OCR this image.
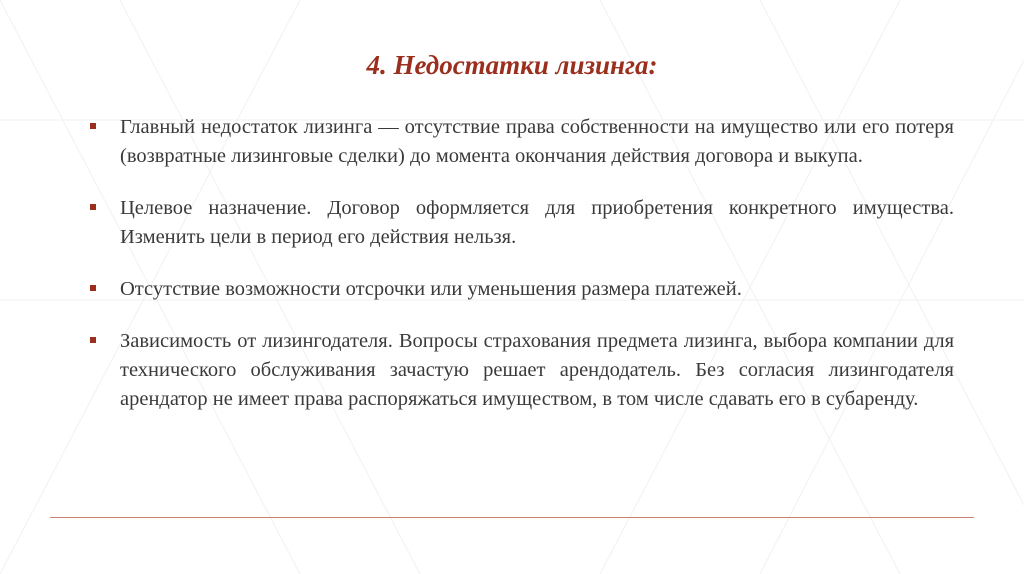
4. Недостатки лизинга:
Главный недостаток лизинга — отсутствие права собственности на имущество или его потеря (возвратные лизинговые сделки) до момента окончания действия договора и выкупа.
Целевое назначение. Договор оформляется для приобретения конкретного имущества. Изменить цели в период его действия нельзя.
Отсутствие возможности отсрочки или уменьшения размера платежей.
Зависимость от лизингодателя. Вопросы страхования предмета лизинга, выбора компании для технического обслуживания зачастую решает арендодатель. Без согласия лизингодателя арендатор не имеет права распоряжаться имуществом, в том числе сдавать его в субаренду.
